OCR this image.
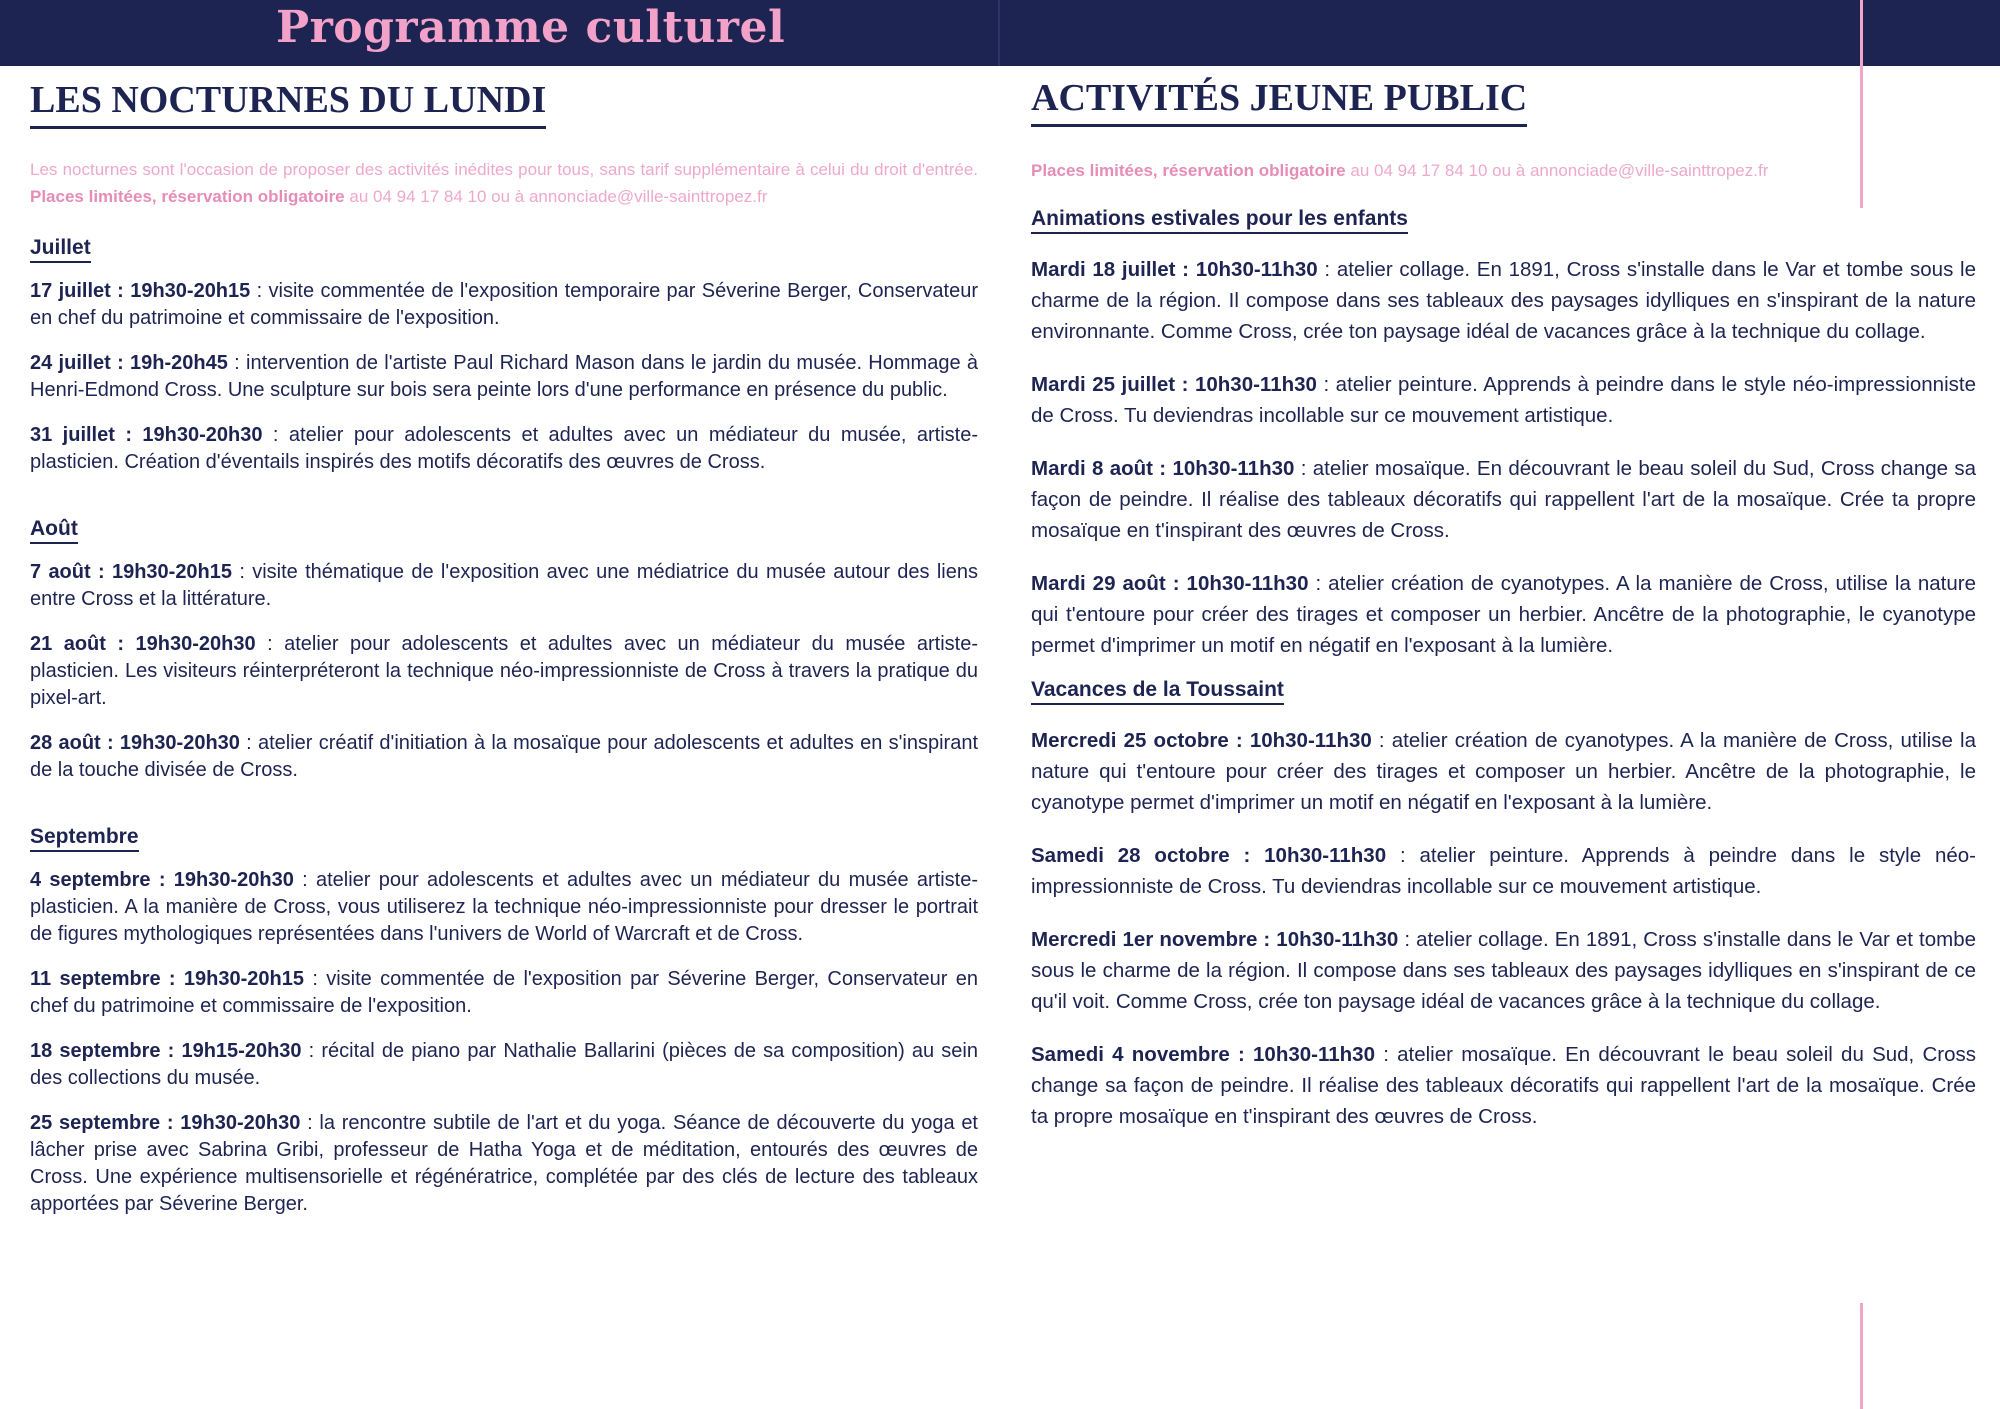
Programme culturel
LES NOCTURNES DU LUNDI
Les nocturnes sont l'occasion de proposer des activités inédites pour tous, sans tarif supplémentaire à celui du droit d'entrée. Places limitées, réservation obligatoire au 04 94 17 84 10 ou à annonciade@ville-sainttropez.fr
Juillet
17 juillet : 19h30-20h15 : visite commentée de l'exposition temporaire par Séverine Berger, Conservateur en chef du patrimoine et commissaire de l'exposition.
24 juillet : 19h-20h45 : intervention de l'artiste Paul Richard Mason dans le jardin du musée. Hommage à Henri-Edmond Cross. Une sculpture sur bois sera peinte lors d'une performance en présence du public.
31 juillet : 19h30-20h30 : atelier pour adolescents et adultes avec un médiateur du musée, artiste-plasticien. Création d'éventails inspirés des motifs décoratifs des œuvres de Cross.
Août
7 août : 19h30-20h15 : visite thématique de l'exposition avec une médiatrice du musée autour des liens entre Cross et la littérature.
21 août : 19h30-20h30 : atelier pour adolescents et adultes avec un médiateur du musée artiste-plasticien. Les visiteurs réinterpréteront la technique néo-impressionniste de Cross à travers la pratique du pixel-art.
28 août : 19h30-20h30 : atelier créatif d'initiation à la mosaïque pour adolescents et adultes en s'inspirant de la touche divisée de Cross.
Septembre
4 septembre : 19h30-20h30 : atelier pour adolescents et adultes avec un médiateur du musée artiste-plasticien. A la manière de Cross, vous utiliserez la technique néo-impressionniste pour dresser le portrait de figures mythologiques représentées dans l'univers de World of Warcraft et de Cross.
11 septembre : 19h30-20h15 : visite commentée de l'exposition par Séverine Berger, Conservateur en chef du patrimoine et commissaire de l'exposition.
18 septembre : 19h15-20h30 : récital de piano par Nathalie Ballarini (pièces de sa composition) au sein des collections du musée.
25 septembre : 19h30-20h30 : la rencontre subtile de l'art et du yoga. Séance de découverte du yoga et lâcher prise avec Sabrina Gribi, professeur de Hatha Yoga et de méditation, entourés des œuvres de Cross. Une expérience multisensorielle et régénératrice, complétée par des clés de lecture des tableaux apportées par Séverine Berger.
ACTIVITÉS JEUNE PUBLIC
Places limitées, réservation obligatoire au 04 94 17 84 10 ou à annonciade@ville-sainttropez.fr
Animations estivales pour les enfants
Mardi 18 juillet : 10h30-11h30 : atelier collage. En 1891, Cross s'installe dans le Var et tombe sous le charme de la région. Il compose dans ses tableaux des paysages idylliques en s'inspirant de la nature environnante. Comme Cross, crée ton paysage idéal de vacances grâce à la technique du collage.
Mardi 25 juillet : 10h30-11h30 : atelier peinture. Apprends à peindre dans le style néo-impressionniste de Cross. Tu deviendras incollable sur ce mouvement artistique.
Mardi 8 août : 10h30-11h30 : atelier mosaïque. En découvrant le beau soleil du Sud, Cross change sa façon de peindre. Il réalise des tableaux décoratifs qui rappellent l'art de la mosaïque. Crée ta propre mosaïque en t'inspirant des œuvres de Cross.
Mardi 29 août : 10h30-11h30 : atelier création de cyanotypes. A la manière de Cross, utilise la nature qui t'entoure pour créer des tirages et composer un herbier. Ancêtre de la photographie, le cyanotype permet d'imprimer un motif en négatif en l'exposant à la lumière.
Vacances de la Toussaint
Mercredi 25 octobre : 10h30-11h30 : atelier création de cyanotypes. A la manière de Cross, utilise la nature qui t'entoure pour créer des tirages et composer un herbier. Ancêtre de la photographie, le cyanotype permet d'imprimer un motif en négatif en l'exposant à la lumière.
Samedi 28 octobre : 10h30-11h30 : atelier peinture. Apprends à peindre dans le style néo-impressionniste de Cross. Tu deviendras incollable sur ce mouvement artistique.
Mercredi 1er novembre : 10h30-11h30 : atelier collage. En 1891, Cross s'installe dans le Var et tombe sous le charme de la région. Il compose dans ses tableaux des paysages idylliques en s'inspirant de ce qu'il voit. Comme Cross, crée ton paysage idéal de vacances grâce à la technique du collage.
Samedi 4 novembre : 10h30-11h30 : atelier mosaïque. En découvrant le beau soleil du Sud, Cross change sa façon de peindre. Il réalise des tableaux décoratifs qui rappellent l'art de la mosaïque. Crée ta propre mosaïque en t'inspirant des œuvres de Cross.
